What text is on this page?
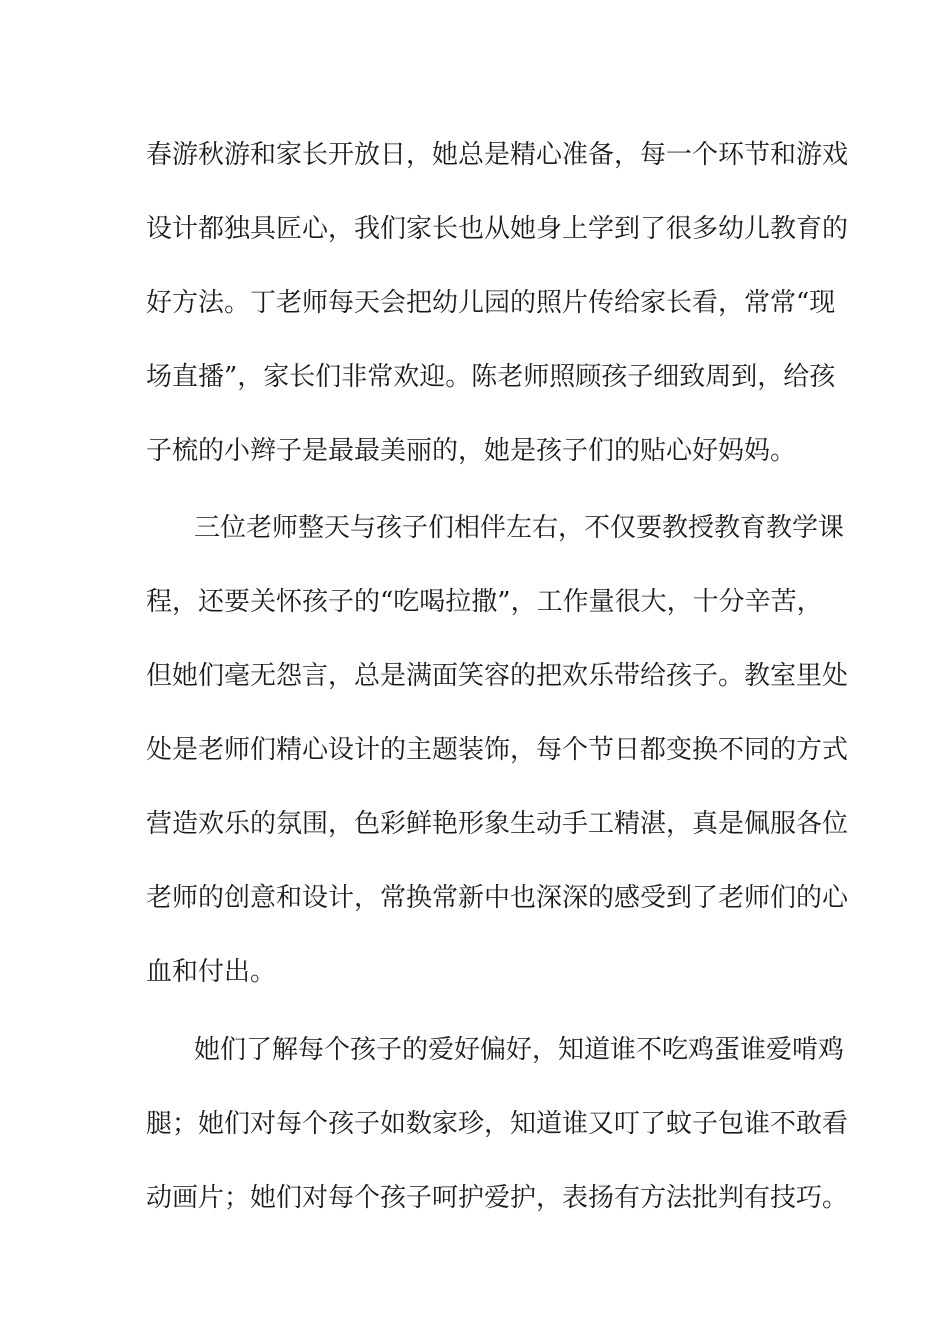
春游秋游和家长开放日，她总是精心准备，每一个环节和游戏
设计都独具匠心，我们家长也从她身上学到了很多幼儿教育的
好方法。丁老师每天会把幼儿园的照片传给家长看，常常“现
场直播”，家长们非常欢迎。陈老师照顾孩子细致周到，给孩
子梳的小辫子是最最美丽的，她是孩子们的贴心好妈妈。
三位老师整天与孩子们相伴左右，不仅要教授教育教学课
程，还要关怀孩子的“吃喝拉撒”，工作量很大，十分辛苦，
但她们毫无怨言，总是满面笑容的把欢乐带给孩子。教室里处
处是老师们精心设计的主题装饰，每个节日都变换不同的方式
营造欢乐的氛围，色彩鲜艳形象生动手工精湛，真是佩服各位
老师的创意和设计，常换常新中也深深的感受到了老师们的心
血和付出。
她们了解每个孩子的爱好偏好，知道谁不吃鸡蛋谁爱啃鸡
腿；她们对每个孩子如数家珍，知道谁又叮了蚊子包谁不敢看
动画片；她们对每个孩子呵护爱护，表扬有方法批判有技巧。
